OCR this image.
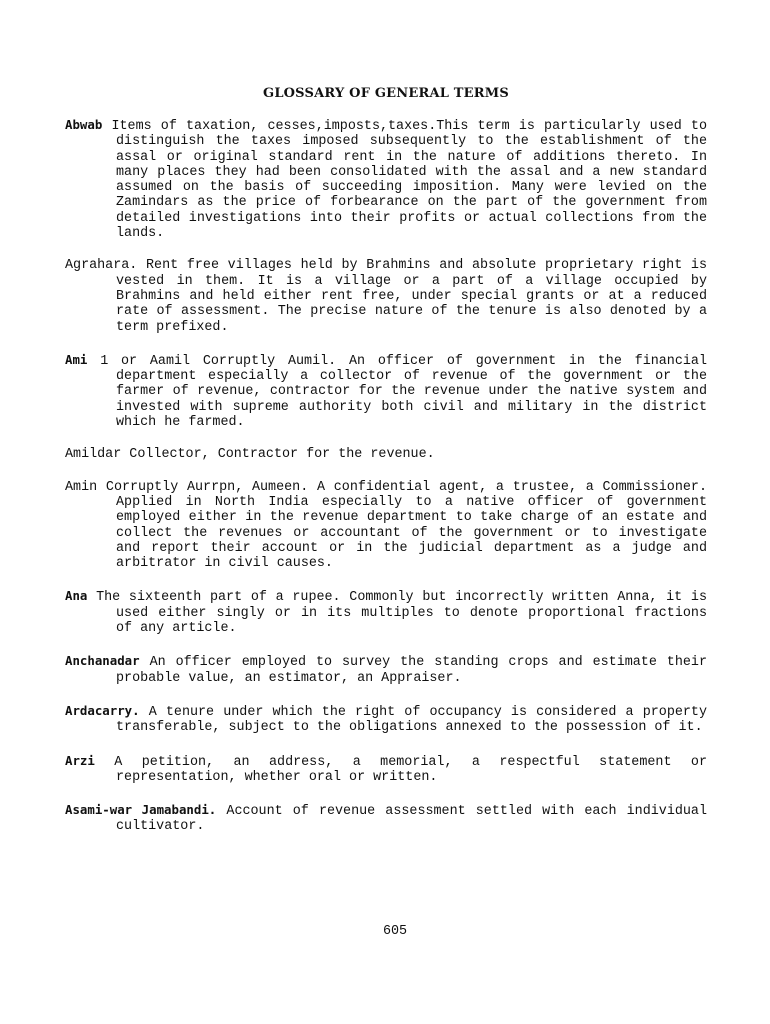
GLOSSARY OF GENERAL TERMS

Abwab Items of taxation, cesses,imposts,taxes.This term is particularly used to distinguish the taxes imposed subsequently to the establishment of the assal or original standard rent in the nature of additions thereto. In many places they had been consolidated with the assal and a new standard assumed on the basis of succeeding imposition. Many were levied on the Zamindars as the price of forbearance on the part of the government from detailed investigations into their profits or actual collections from the lands.

Agrahara. Rent free villages held by Brahmins and absolute proprietary right is vested in them. It is a village or a part of a village occupied by Brahmins and held either rent free, under special grants or at a reduced rate of assessment. The precise nature of the tenure is also denoted by a term prefixed.

Ami 1 or Aamil Corruptly Aumil. An officer of government in the financial department especially a collector of revenue of the government or the farmer of revenue, contractor for the revenue under the native system and invested with supreme authority both civil and military in the district which he farmed.

Amildar Collector, Contractor for the revenue.

Amin Corruptly Aurrpn, Aumeen. A confidential agent, a trustee, a Commissioner. Applied in North India especially to a native officer of government employed either in the revenue department to take charge of an estate and collect the revenues or accountant of the government or to investigate and report their account or in the judicial department as a judge and arbitrator in civil causes.

Ana The sixteenth part of a rupee. Commonly but incorrectly written Anna, it is used either singly or in its multiples to denote proportional fractions of any article.

Anchanadar An officer employed to survey the standing crops and estimate their probable value, an estimator, an Appraiser.

Ardacarry. A tenure under which the right of occupancy is considered a property transferable, subject to the obligations annexed to the possession of it.

Arzi A petition, an address, a memorial, a respectful statement or representation, whether oral or written.

Asami-war Jamabandi. Account of revenue assessment settled with each individual cultivator.

605
